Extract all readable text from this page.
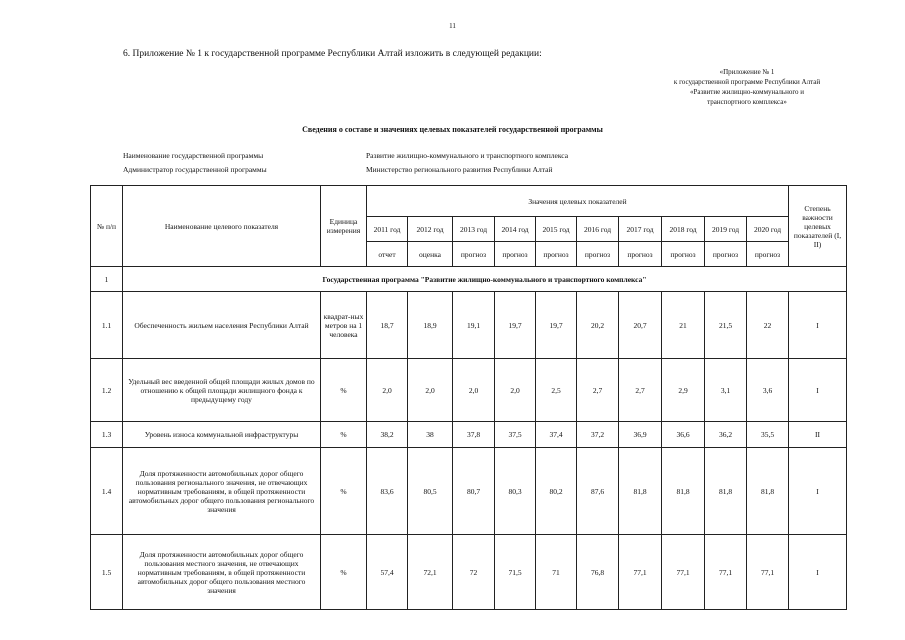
11
6. Приложение № 1 к государственной программе Республики Алтай изложить в следующей редакции:
«Приложение № 1
к государственной программе Республики Алтай
«Развитие жилищно-коммунального и
транспортного комплекса»
Сведения о составе и значениях целевых показателей государственной программы
Наименование государственной программы	Развитие жилищно-коммунального и транспортного комплекса
Администратор государственной программы	Министерство регионального развития Республики Алтай
№ п/п	Наименование целевого показателя	Единица измерения	Значения целевых показателей										Степень важности целевых показателей (I, II)
			2011 год	2012 год	2013 год	2014 год	2015 год	2016 год	2017 год	2018 год	2019 год	2020 год	
			отчет	оценка	прогноз	прогноз	прогноз	прогноз	прогноз	прогноз	прогноз	прогноз	
1	Государственная программа "Развитие жилищно-коммунального и транспортного комплекса"												
1.1	Обеспеченность жильем населения Республики Алтай	квадрат-ных метров на 1 человека	18,7	18,9	19,1	19,7	19,7	20,2	20,7	21	21,5	22	I
1.2	Удельный вес введенной общей площади жилых домов по отношению к общей площади жилищного фонда к предыдущему году	%	2,0	2,0	2,0	2,0	2,5	2,7	2,7	2,9	3,1	3,6	I
1.3	Уровень износа коммунальной инфраструктуры	%	38,2	38	37,8	37,5	37,4	37,2	36,9	36,6	36,2	35,5	II
1.4	Доля протяженности автомобильных дорог общего пользования регионального значения, не отвечающих нормативным требованиям, в общей протяженности автомобильных дорог общего пользования регионального значения	%	83,6	80,5	80,7	80,3	80,2	87,6	81,8	81,8	81,8	81,8	I
1.5	Доля протяженности автомобильных дорог общего пользования местного значения, не отвечающих нормативным требованиям, в общей протяженности автомобильных дорог общего пользования местного значения	%	57,4	72,1	72	71,5	71	76,8	77,1	77,1	77,1	77,1	I
